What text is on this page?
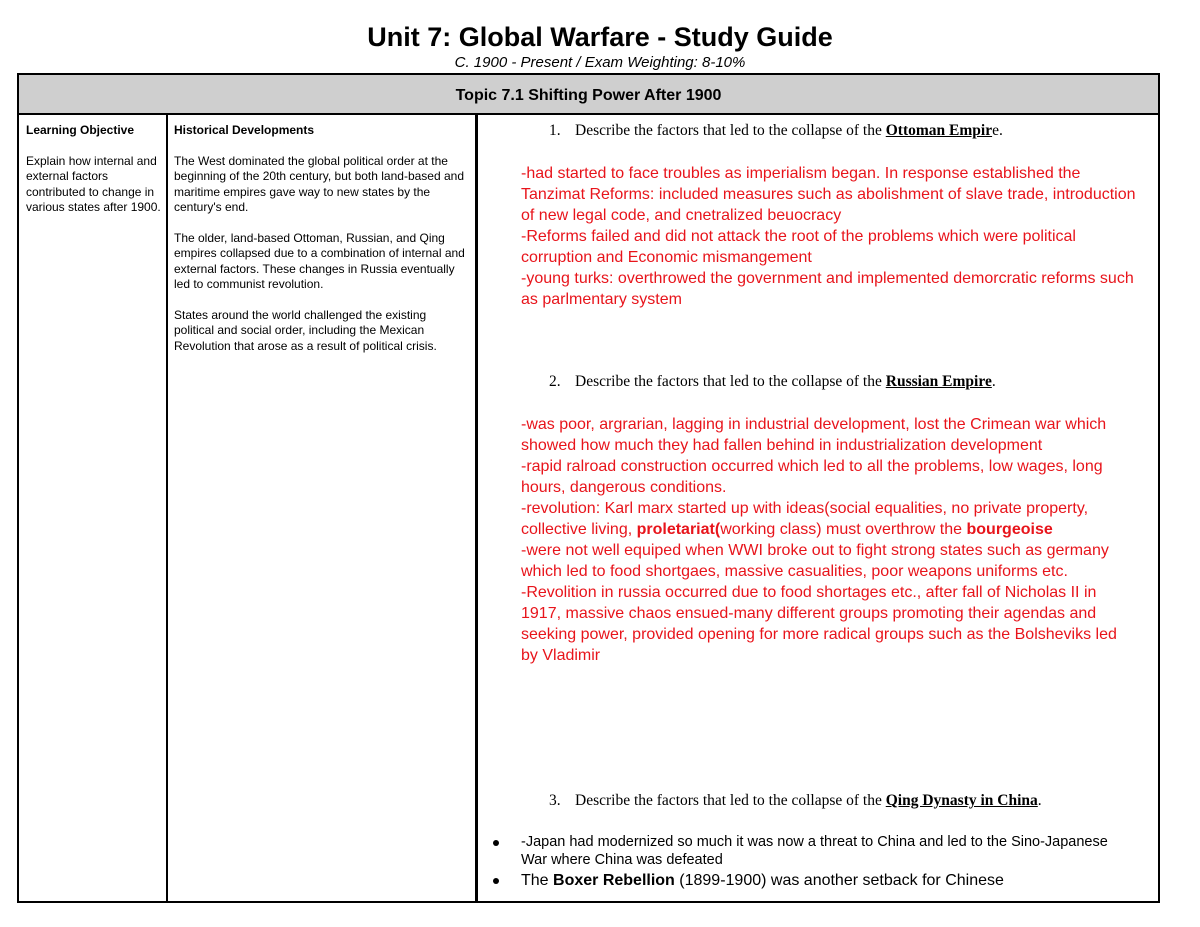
Unit 7: Global Warfare - Study Guide
C. 1900 - Present / Exam Weighting: 8-10%
Topic 7.1 Shifting Power After 1900
Learning Objective
Explain how internal and external factors contributed to change in various states after 1900.
Historical Developments

The West dominated the global political order at the beginning of the 20th century, but both land-based and maritime empires gave way to new states by the century's end.

The older, land-based Ottoman, Russian, and Qing empires collapsed due to a combination of internal and external factors. These changes in Russia eventually led to communist revolution.

States around the world challenged the existing political and social order, including the Mexican Revolution that arose as a result of political crisis.

1. Describe the factors that led to the collapse of the Ottoman Empire.
-had started to face troubles as imperialism began. In response established the Tanzimat Reforms: included measures such as abolishment of slave trade, introduction of new legal code, and cnetralized beuocracy
-Reforms failed and did not attack the root of the problems which were political corruption and Economic mismangement
-young turks: overthrowed the government and implemented demorcratic reforms such as parlmentary system
2. Describe the factors that led to the collapse of the Russian Empire.
-was poor, argrarian, lagging in industrial development, lost the Crimean war which showed how much they had fallen behind in industrialization development
-rapid ralroad construction occurred which led to all the problems, low wages, long hours, dangerous conditions.
-revolution: Karl marx started up with ideas(social equalities, no private property, collective living, proletariat(working class) must overthrow the bourgeoise
-were not well equiped when WWI broke out to fight strong states such as germany which led to food shortgaes, massive casualities, poor weapons uniforms etc.
-Revolition in russia occurred due to food shortages etc., after fall of Nicholas II in 1917, massive chaos ensued-many different groups promoting their agendas and seeking power, provided opening for more radical groups such as the Bolsheviks led by Vladimir
3. Describe the factors that led to the collapse of the Qing Dynasty in China.
-Japan had modernized so much it was now a threat to China and led to the Sino-Japanese War where China was defeated
The Boxer Rebellion (1899-1900) was another setback for Chinese
